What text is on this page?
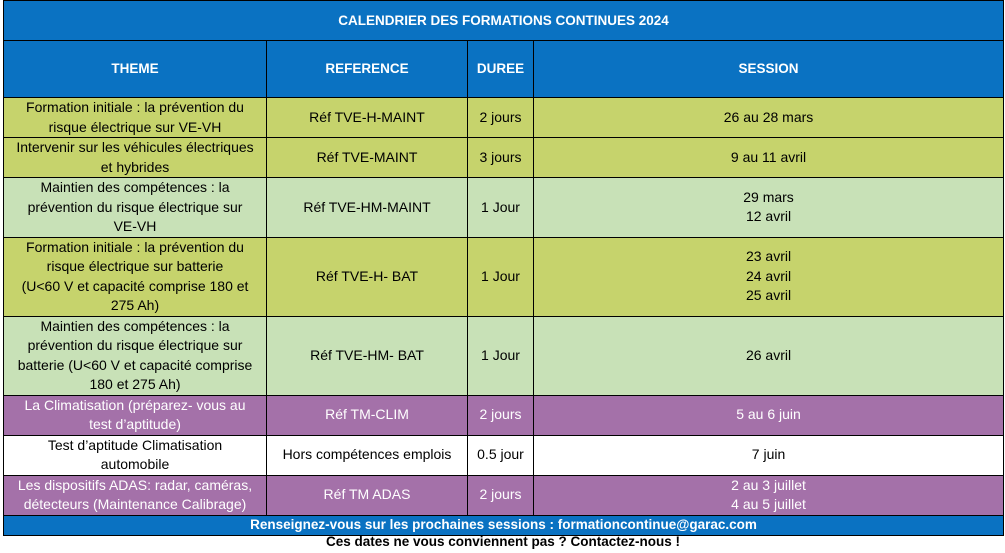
CALENDRIER DES FORMATIONS CONTINUES 2024			
THEME	REFERENCE	DUREE	SESSION

Formation initiale : la prévention du
risque électrique sur VE-VH	Réf TVE-H-MAINT	2 jours	26 au 28 mars

Intervenir sur les véhicules électriques
et hybrides	Réf TVE-MAINT	3 jours	9 au 11 avril

Maintien des compétences : la
prévention du risque électrique sur
VE-VH	Réf TVE-HM-MAINT	1 Jour	29 mars
12 avril

Formation initiale : la prévention du
risque électrique sur batterie
(U<60 V et capacité comprise 180 et
275 Ah)	Réf TVE-H- BAT	1 Jour	23 avril
24 avril
25 avril

Maintien des compétences : la
prévention du risque électrique sur
batterie (U<60 V et capacité comprise
180 et 275 Ah)	Réf TVE-HM- BAT	1 Jour	26 avril

La Climatisation (préparez- vous au
test d’aptitude)	Réf TM-CLIM	2 jours	5 au 6 juin

Test d’aptitude Climatisation
automobile	Hors compétences emplois	0.5 jour	7 juin

Les dispositifs ADAS: radar, caméras,
détecteurs (Maintenance Calibrage)	Réf TM ADAS	2 jours	2 au 3 juillet
4 au 5 juillet

Renseignez-vous sur les prochaines sessions : formationcontinue@garac.com			
Ces dates ne vous conviennent pas ? Contactez-nous !
